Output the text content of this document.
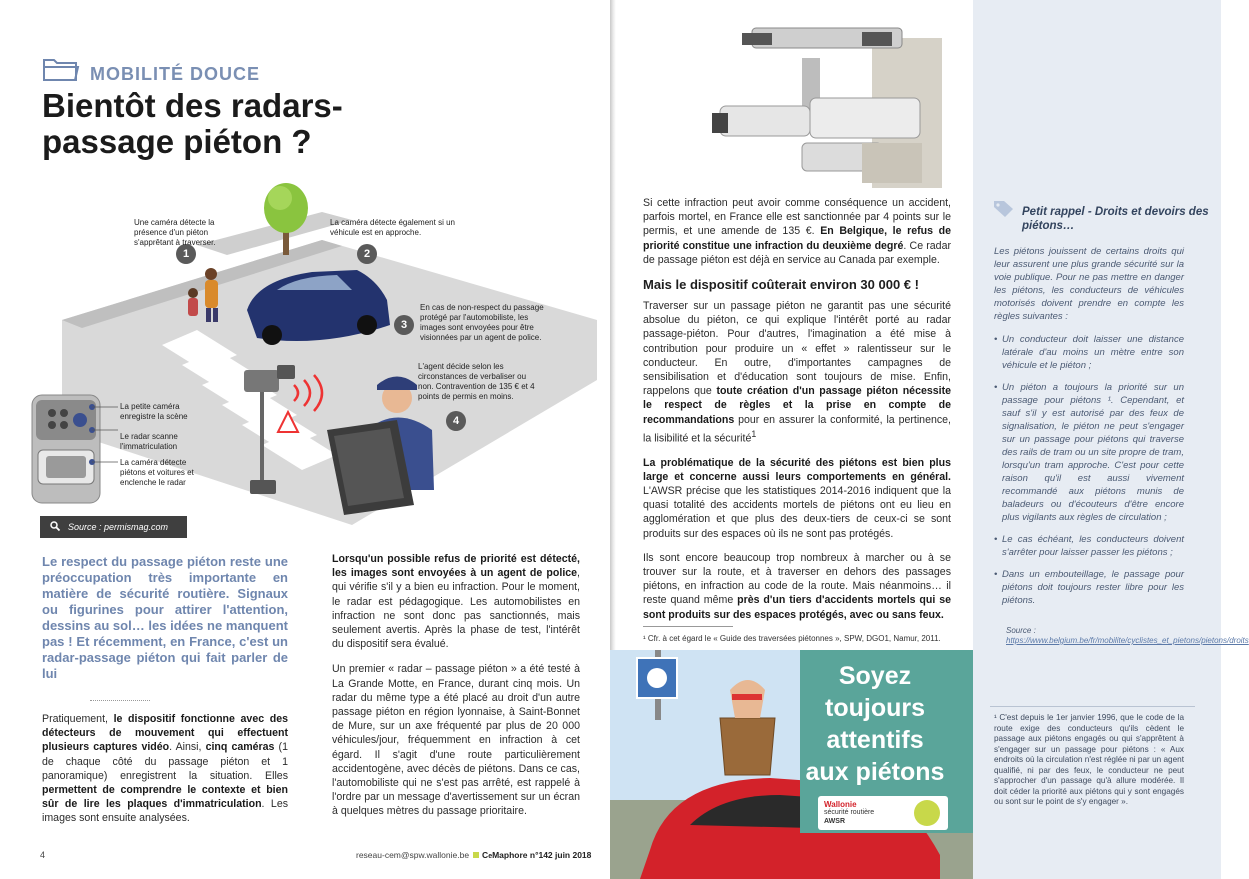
MOBILITÉ DOUCE
Bientôt des radars-
passage piéton ?
1
Une caméra détecte la présence d'un piéton s'apprêtant à traverser.
2
La caméra détecte également si un véhicule est en approche.
3
En cas de non-respect du passage protégé par l'automobiliste, les images sont envoyées pour être visionnées par un agent de police.
4
L'agent décide selon les circonstances de verbaliser ou non. Contravention de 135 € et 4 points de permis en moins.
La petite caméra enregistre la scène
Le radar scanne l'immatriculation
La caméra détecte piétons et voitures et enclenche le radar
Source : permismag.com
Le respect du passage piéton reste une préoccupation très importante en matière de sécurité routière. Signaux ou figurines pour attirer l'attention, dessins au sol… les idées ne manquent pas ! Et récemment, en France, c'est un radar-passage piéton qui fait parler de lui
Pratiquement, le dispositif fonctionne avec des détecteurs de mouvement qui effectuent plusieurs captures vidéo. Ainsi, cinq caméras (1 de chaque côté du passage piéton et 1 panoramique) enregistrent la situation. Elles permettent de comprendre le contexte et bien sûr de lire les plaques d'immatriculation. Les images sont ensuite analysées.

Lorsqu'un possible refus de priorité est détecté, les images sont envoyées à un agent de police, qui vérifie s'il y a bien eu infraction. Pour le moment, le radar est pédagogique. Les automobilistes en infraction ne sont donc pas sanctionnés, mais seulement avertis. Après la phase de test, l'intérêt du dispositif sera évalué.

Un premier « radar – passage piéton » a été testé à La Grande Motte, en France, durant cinq mois. Un radar du même type a été placé au droit d'un autre passage piéton en région lyonnaise, à Saint-Bonnet de Mure, sur un axe fréquenté par plus de 20 000 véhicules/jour, fréquemment en infraction à cet égard. Il s'agit d'une route particulièrement accidentogène, avec décès de piétons. Dans ce cas, l'automobiliste qui ne s'est pas arrêté, est rappelé à l'ordre par un message d'avertissement sur un écran à quelques mètres du passage prioritaire.

4	reseau-cem@spw.wallonie.be CeMaphore n°142 juin 2018

Si cette infraction peut avoir comme conséquence un accident, parfois mortel, en France elle est sanctionnée par 4 points sur le permis, et une amende de 135 €. En Belgique, le refus de priorité constitue une infraction du deuxième degré. Ce radar de passage piéton est déjà en service au Canada par exemple.

Mais le dispositif coûterait environ 30 000 € !

Traverser sur un passage piéton ne garantit pas une sécurité absolue du piéton, ce qui explique l'intérêt porté au radar passage-piéton. Pour d'autres, l'imagination a été mise à contribution pour produire un « effet » ralentisseur sur le conducteur. En outre, d'importantes campagnes de sensibilisation et d'éducation sont toujours de mise. Enfin, rappelons que toute création d'un passage piéton nécessite le respect de règles et la prise en compte de recommandations pour en assurer la conformité, la pertinence, la lisibilité et la sécurité$^1$

La problématique de la sécurité des piétons est bien plus large et concerne aussi leurs comportements en général. L'AWSR précise que les statistiques 2014-2016 indiquent que la quasi totalité des accidents mortels de piétons ont eu lieu en agglomération et que plus des deux-tiers de ceux-ci se sont produits sur des espaces où ils ne sont pas protégés.

Ils sont encore beaucoup trop nombreux à marcher ou à se trouver sur la route, et à traverser en dehors des passages piétons, en infraction au code de la route. Mais néanmoins… il reste quand même près d'un tiers d'accidents mortels qui se sont produits sur des espaces protégés, avec ou sans feux.

¹ Cfr. à cet égard le « Guide des traversées piétonnes », SPW, DGO1, Namur, 2011.
Soyez
toujours
attentifs
aux piétons
Wallonie
sécurité routière
AWSR
Petit rappel - Droits et devoirs des piétons…

Les piétons jouissent de certains droits qui leur assurent une plus grande sécurité sur la voie publique. Pour ne pas mettre en danger les piétons, les conducteurs de véhicules motorisés doivent prendre en compte les règles suivantes :

• Un conducteur doit laisser une distance latérale d'au moins un mètre entre son véhicule et le piéton ;
• Un piéton a toujours la priorité sur un passage pour piétons ¹. Cependant, et sauf s'il y est autorisé par des feux de signalisation, le piéton ne peut s'engager sur un passage pour piétons qui traverse des rails de tram ou un site propre de tram, lorsqu'un tram approche. C'est pour cette raison qu'il est aussi vivement recommandé aux piétons munis de baladeurs ou d'écouteurs d'être encore plus vigilants aux règles de circulation ;
• Le cas échéant, les conducteurs doivent s'arrêter pour laisser passer les piétons ;
• Dans un embouteillage, le passage pour piétons doit toujours rester libre pour les piétons.
Source : https://www.belgium.be/fr/mobilite/cyclistes_et_pietons/pietons/droits
¹ C'est depuis le 1er janvier 1996, que le code de la route exige des conducteurs qu'ils cèdent le passage aux piétons engagés ou qui s'apprêtent à s'engager sur un passage pour piétons : « Aux endroits où la circulation n'est réglée ni par un agent qualifié, ni par des feux, le conducteur ne peut s'approcher d'un passage qu'à allure modérée. Il doit céder la priorité aux piétons qui y sont engagés ou sont sur le point de s'y engager ».
